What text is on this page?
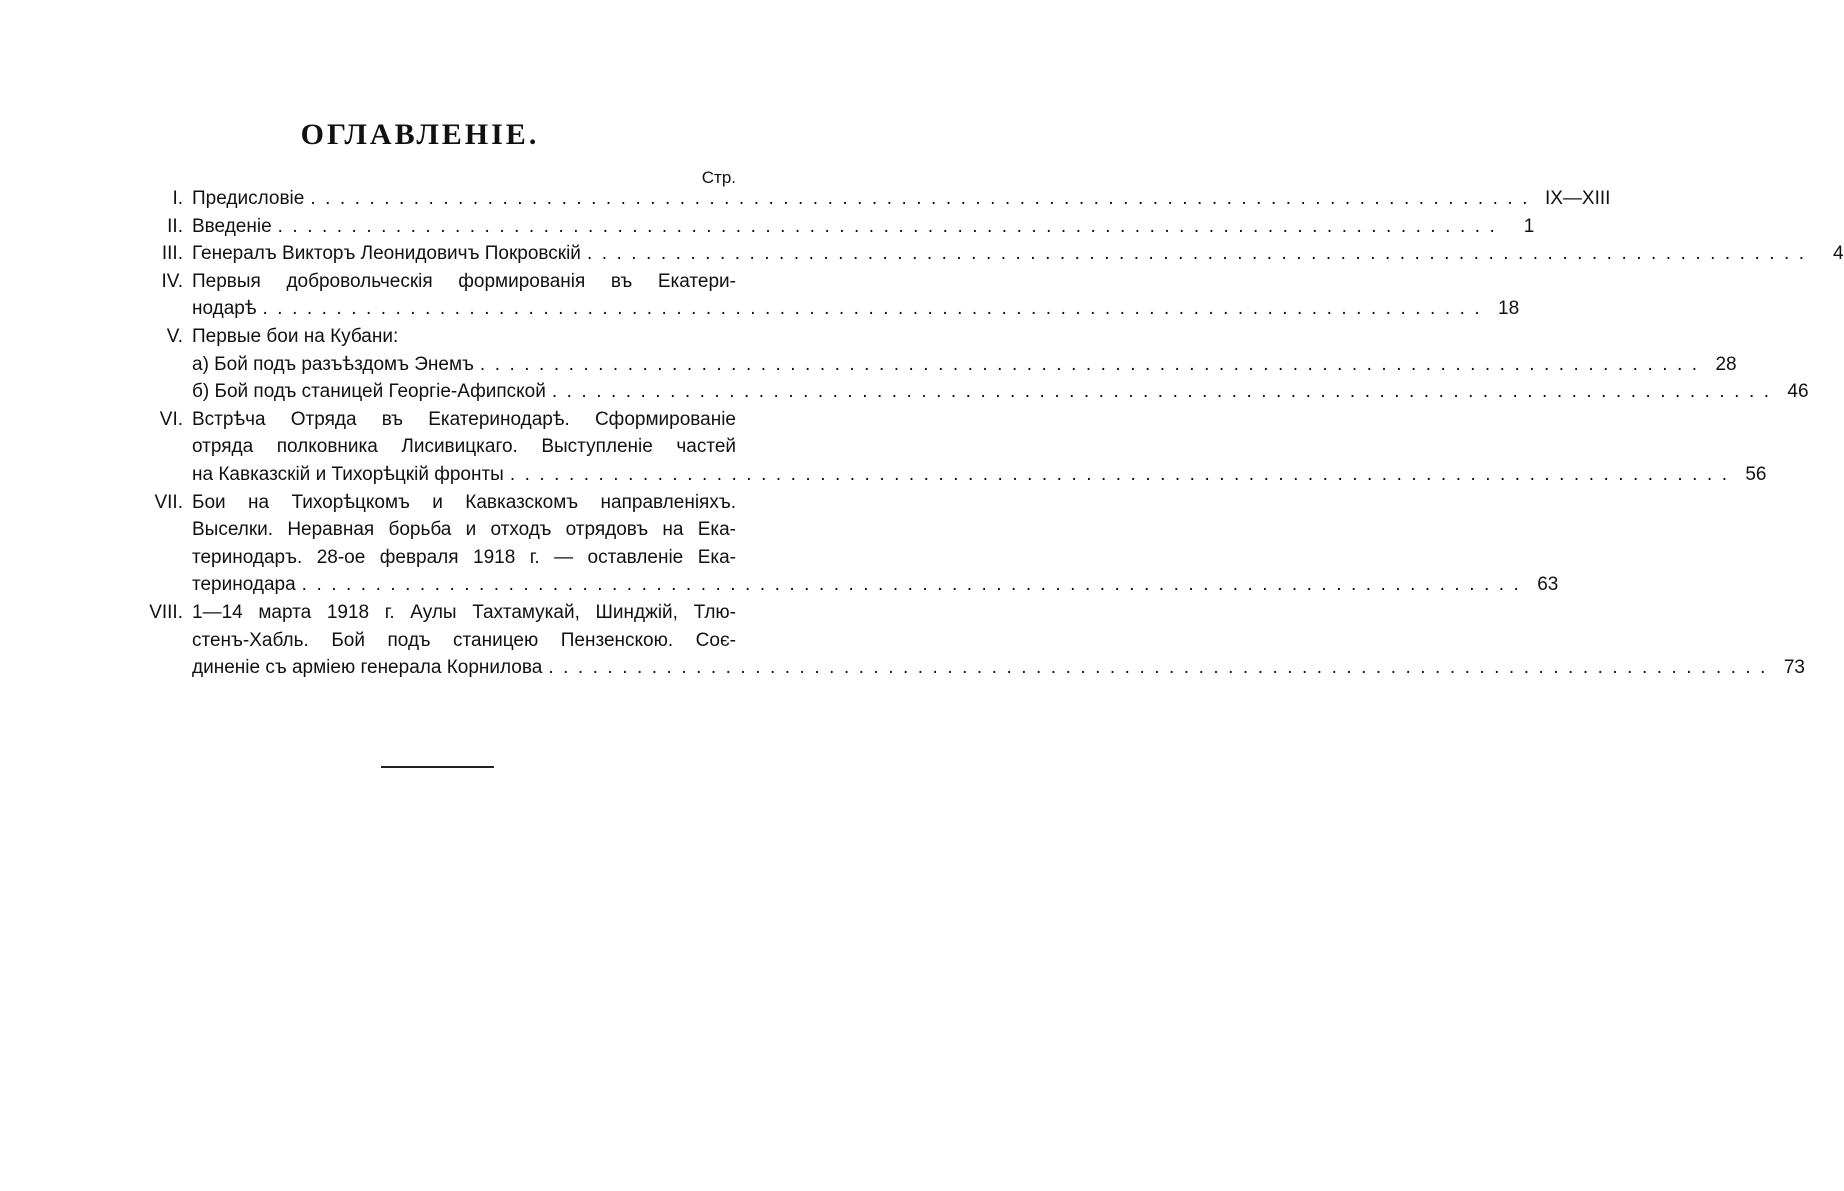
ОГЛАВЛЕНІЕ.
Стр.
I. Предисловіе ................................................................................... IX—XIII
II. Введеніе ...................................................................................	1
III. Генералъ Викторъ Леонидовичъ Покровскій ...................................................................................	4
IV. Первыя добровольческія формированія въ Екатери-
нодарѣ ................................................................................... 18
V. Первые бои на Кубани:
а) Бой подъ разъѣздомъ Энемъ ................................................................................... 28
б) Бой подъ станицей Георгіе-Афипской ................................................................................... 46
VI. Встрѣча Отряда въ Екатеринодарѣ. Сформированіе
отряда полковника Лисивицкаго. Выступленіе частей
на Кавказскій и Тихорѣцкій фронты ................................................................................... 56
VII. Бои на Тихорѣцкомъ и Кавказскомъ направленіяхъ.
Выселки. Неравная борьба и отходъ отрядовъ на Ека-
теринодаръ. 28-ое февраля 1918 г. — оставленіе Ека-
теринодара ................................................................................... 63
VIII. 1—14 марта 1918 г. Аулы Тахтамукай, Шинджій, Тлю-
стенъ-Хабль. Бой подъ станицею Пензенскою. Соє-
диненіе съ арміею генерала Корнилова ................................................................................... 73
